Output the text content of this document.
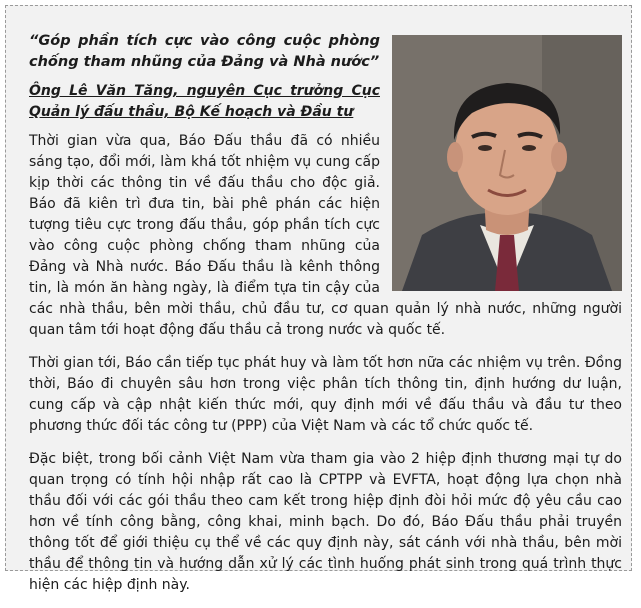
“Góp phần tích cực vào công cuộc phòng chống tham nhũng của Đảng và Nhà nước”
Ông Lê Văn Tăng, nguyên Cục trưởng Cục Quản lý đấu thầu, Bộ Kế hoạch và Đầu tư

Thời gian vừa qua, Báo Đấu thầu đã có nhiều sáng tạo, đổi mới, làm khá tốt nhiệm vụ cung cấp kịp thời các thông tin về đấu thầu cho độc giả. Báo đã kiên trì đưa tin, bài phê phán các hiện tượng tiêu cực trong đấu thầu, góp phần tích cực vào công cuộc phòng chống tham nhũng của Đảng và Nhà nước. Báo Đấu thầu là kênh thông tin, là món ăn hàng ngày, là điểm tựa tin cậy của các nhà thầu, bên mời thầu, chủ đầu tư, cơ quan quản lý nhà nước, những người quan tâm tới hoạt động đấu thầu cả trong nước và quốc tế.

Thời gian tới, Báo cần tiếp tục phát huy và làm tốt hơn nữa các nhiệm vụ trên. Đồng thời, Báo đi chuyên sâu hơn trong việc phân tích thông tin, định hướng dư luận, cung cấp và cập nhật kiến thức mới, quy định mới về đấu thầu và đầu tư theo phương thức đối tác công tư (PPP) của Việt Nam và các tổ chức quốc tế.

Đặc biệt, trong bối cảnh Việt Nam vừa tham gia vào 2 hiệp định thương mại tự do quan trọng có tính hội nhập rất cao là CPTPP và EVFTA, hoạt động lựa chọn nhà thầu đối với các gói thầu theo cam kết trong hiệp định đòi hỏi mức độ yêu cầu cao hơn về tính công bằng, công khai, minh bạch. Do đó, Báo Đấu thầu phải truyền thông tốt để giới thiệu cụ thể về các quy định này, sát cánh với nhà thầu, bên mời thầu để thông tin và hướng dẫn xử lý các tình huống phát sinh trong quá trình thực hiện các hiệp định này.
